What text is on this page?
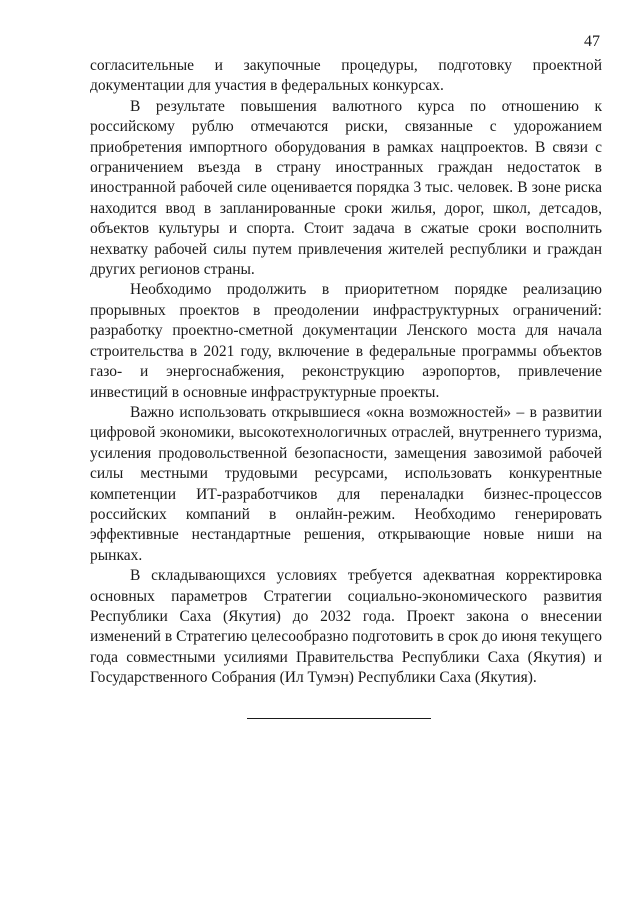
47

согласительные и закупочные процедуры, подготовку проектной документации для участия в федеральных конкурсах.

В результате повышения валютного курса по отношению к российскому рублю отмечаются риски, связанные с удорожанием приобретения импортного оборудования в рамках нацпроектов. В связи с ограничением въезда в страну иностранных граждан недостаток в иностранной рабочей силе оценивается порядка 3 тыс. человек. В зоне риска находится ввод в запланированные сроки жилья, дорог, школ, детсадов, объектов культуры и спорта. Стоит задача в сжатые сроки восполнить нехватку рабочей силы путем привлечения жителей республики и граждан других регионов страны.

Необходимо продолжить в приоритетном порядке реализацию прорывных проектов в преодолении инфраструктурных ограничений: разработку проектно-сметной документации Ленского моста для начала строительства в 2021 году, включение в федеральные программы объектов газо- и энергоснабжения, реконструкцию аэропортов, привлечение инвестиций в основные инфраструктурные проекты.

Важно использовать открывшиеся «окна возможностей» – в развитии цифровой экономики, высокотехнологичных отраслей, внутреннего туризма, усиления продовольственной безопасности, замещения завозимой рабочей силы местными трудовыми ресурсами, использовать конкурентные компетенции ИТ-разработчиков для переналадки бизнес-процессов российских компаний в онлайн-режим. Необходимо генерировать эффективные нестандартные решения, открывающие новые ниши на рынках.

В складывающихся условиях требуется адекватная корректировка основных параметров Стратегии социально-экономического развития Республики Саха (Якутия) до 2032 года. Проект закона о внесении изменений в Стратегию целесообразно подготовить в срок до июня текущего года совместными усилиями Правительства Республики Саха (Якутия) и Государственного Собрания (Ил Тумэн) Республики Саха (Якутия).
